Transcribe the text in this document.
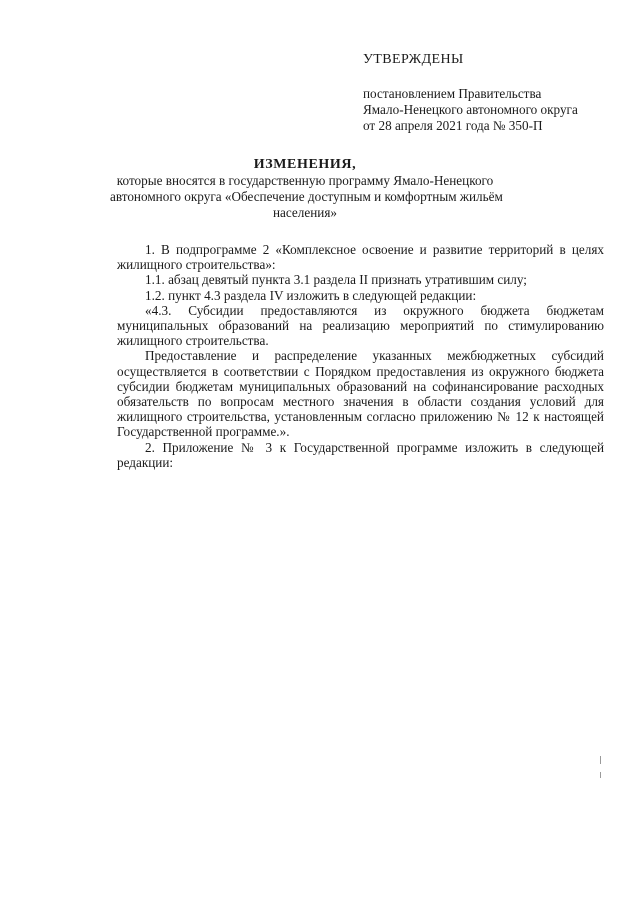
УТВЕРЖДЕНЫ

постановлением Правительства

Ямало-Ненецкого автономного округа

от 28 апреля 2021 года № 350-П

ИЗМЕНЕНИЯ,

которые вносятся в государственную программу Ямало-Ненецкого

автономного округа «Обеспечение доступным и комфортным жильём

населения»

1. В подпрограмме 2 «Комплексное освоение и развитие территорий в целях жилищного строительства»:

1.1. абзац девятый пункта 3.1 раздела II признать утратившим силу;

1.2. пункт 4.3 раздела IV изложить в следующей редакции:

«4.3. Субсидии предоставляются из окружного бюджета бюджетам муниципальных образований на реализацию мероприятий по стимулированию жилищного строительства.

Предоставление и распределение указанных межбюджетных субсидий осуществляется в соответствии с Порядком предоставления из окружного бюджета субсидии бюджетам муниципальных образований на софинансирование расходных обязательств по вопросам местного значения в области создания условий для жилищного строительства, установленным согласно приложению № 12 к настоящей Государственной программе.».

2. Приложение № 3 к Государственной программе изложить в следующей редакции:
